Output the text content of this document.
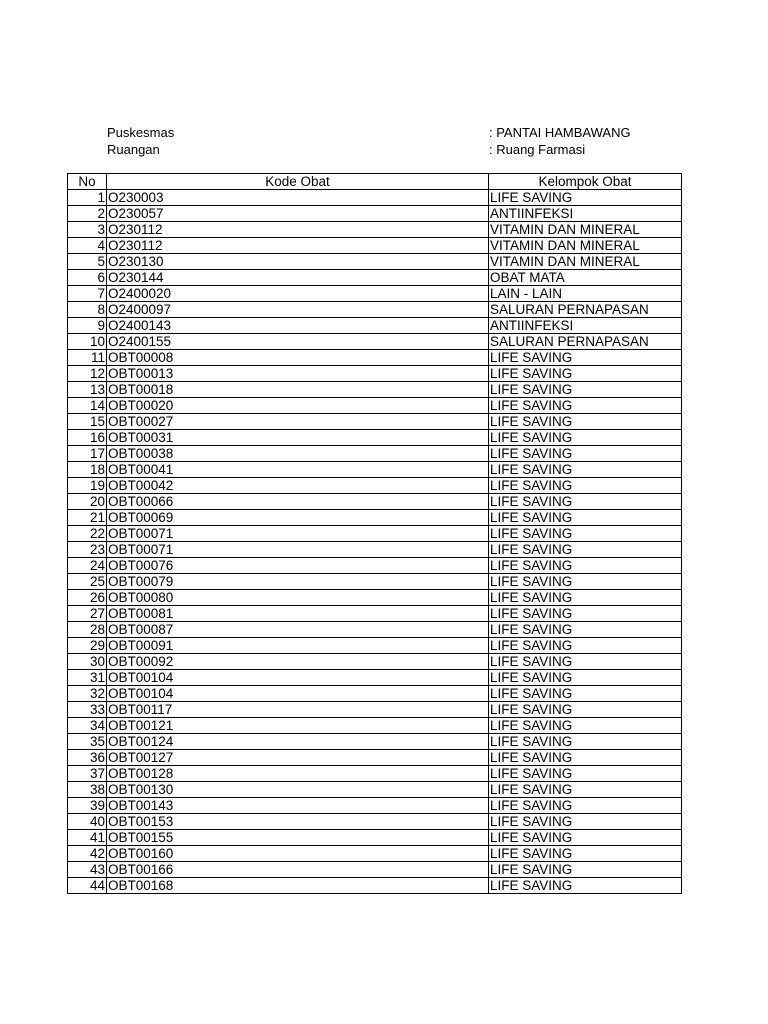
Puskesmas	: PANTAI HAMBAWANG
Ruangan	: Ruang Farmasi
No	Kode Obat	Kelompok Obat
1	O230003	LIFE SAVING
2	O230057	ANTIINFEKSI
3	O230112	VITAMIN DAN MINERAL
4	O230112	VITAMIN DAN MINERAL
5	O230130	VITAMIN DAN MINERAL
6	O230144	OBAT MATA
7	O2400020	LAIN - LAIN
8	O2400097	SALURAN PERNAPASAN
9	O2400143	ANTIINFEKSI
10	O2400155	SALURAN PERNAPASAN
11	OBT00008	LIFE SAVING
12	OBT00013	LIFE SAVING
13	OBT00018	LIFE SAVING
14	OBT00020	LIFE SAVING
15	OBT00027	LIFE SAVING
16	OBT00031	LIFE SAVING
17	OBT00038	LIFE SAVING
18	OBT00041	LIFE SAVING
19	OBT00042	LIFE SAVING
20	OBT00066	LIFE SAVING
21	OBT00069	LIFE SAVING
22	OBT00071	LIFE SAVING
23	OBT00071	LIFE SAVING
24	OBT00076	LIFE SAVING
25	OBT00079	LIFE SAVING
26	OBT00080	LIFE SAVING
27	OBT00081	LIFE SAVING
28	OBT00087	LIFE SAVING
29	OBT00091	LIFE SAVING
30	OBT00092	LIFE SAVING
31	OBT00104	LIFE SAVING
32	OBT00104	LIFE SAVING
33	OBT00117	LIFE SAVING
34	OBT00121	LIFE SAVING
35	OBT00124	LIFE SAVING
36	OBT00127	LIFE SAVING
37	OBT00128	LIFE SAVING
38	OBT00130	LIFE SAVING
39	OBT00143	LIFE SAVING
40	OBT00153	LIFE SAVING
41	OBT00155	LIFE SAVING
42	OBT00160	LIFE SAVING
43	OBT00166	LIFE SAVING
44	OBT00168	LIFE SAVING
